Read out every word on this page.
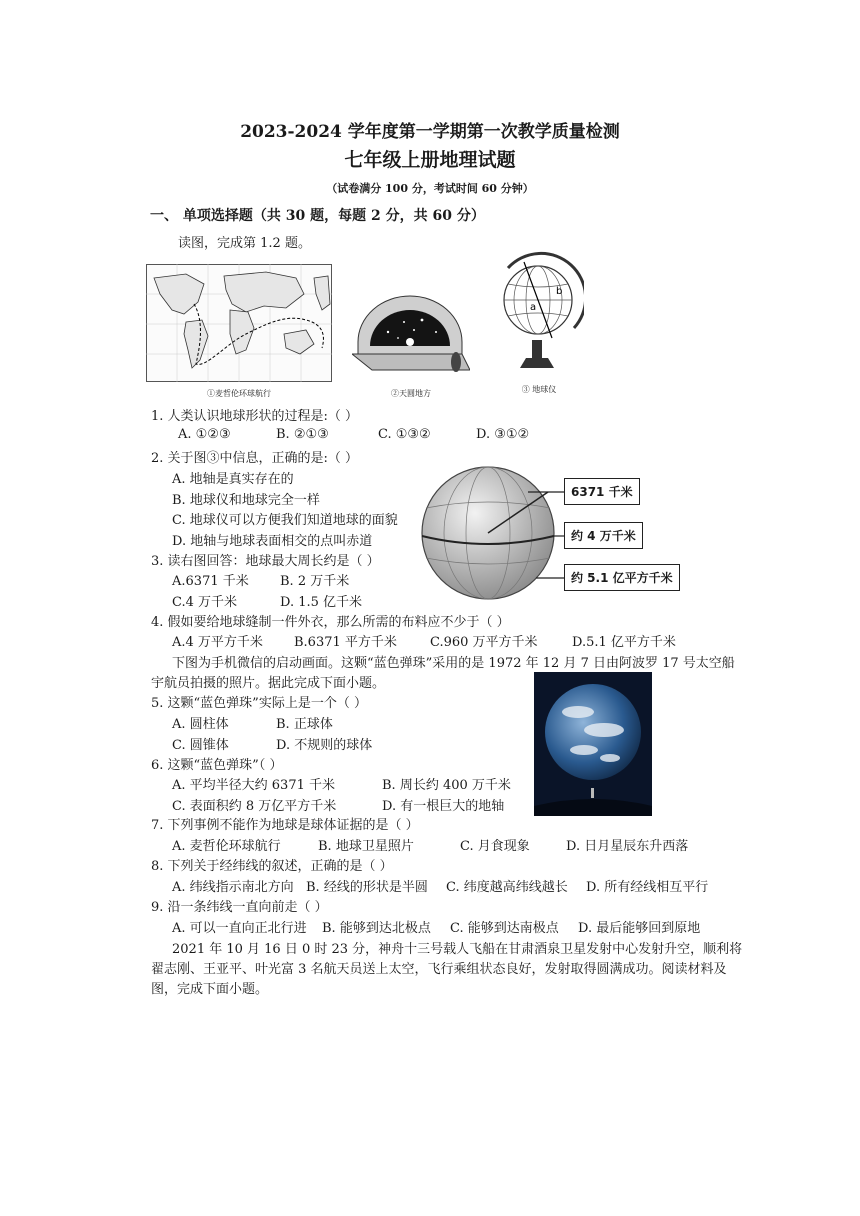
2023-2024 学年度第一学期第一次教学质量检测
七年级上册地理试题
（试卷满分 100 分，考试时间 60 分钟）
一、 单项选择题（共 30 题，每题 2 分，共 60 分）
读图，完成第 1.2 题。
①麦哲伦环球航行	②天圆地方
a
b
③ 地球仪
6371 千米
约 4 万千米
约 5.1 亿平方千米
1. 人类认识地球形状的过程是:（ ）
A. ①②③	B. ②①③	C. ①③②	D. ③①②
2. 关于图③中信息，正确的是:（ ）
A. 地轴是真实存在的
B. 地球仪和地球完全一样
C. 地球仪可以方便我们知道地球的面貌
D. 地轴与地球表面相交的点叫赤道
3. 读右图回答：地球最大周长约是（ ）
A.6371 千米 B. 2 万千米
C.4 万千米	D. 1.5 亿千米
4. 假如要给地球缝制一件外衣，那么所需的布料应不少于（ ）
A.4 万平方千米 B.6371 平方千米	C.960 万平方千米	D.5.1 亿平方千米
下图为手机微信的启动画面。这颗“蓝色弹珠”采用的是 1972 年 12 月 7 日由阿波罗 17 号太空船
宇航员拍摄的照片。据此完成下面小题。
5. 这颗“蓝色弹珠”实际上是一个（ ）
A. 圆柱体	B. 正球体
C. 圆锥体	D. 不规则的球体
6. 这颗“蓝色弹珠”（ ）
A. 平均半径大约 6371 千米	B. 周长约 400 万千米
C. 表面积约 8 万亿平方千米	D. 有一根巨大的地轴
7. 下列事例不能作为地球是球体证据的是（ ）
A. 麦哲伦环球航行	B. 地球卫星照片	C. 月食现象	D. 日月星辰东升西落
8. 下列关于经纬线的叙述，正确的是（ ）
A. 纬线指示南北方向 B. 经线的形状是半圆 C. 纬度越高纬线越长 D. 所有经线相互平行
9. 沿一条纬线一直向前走（ ）
A. 可以一直向正北行进 B. 能够到达北极点 C. 能够到达南极点 D. 最后能够回到原地
2021 年 10 月 16 日 0 时 23 分，神舟十三号载人飞船在甘肃酒泉卫星发射中心发射升空，顺利将
翟志刚、王亚平、叶光富 3 名航天员送上太空，飞行乘组状态良好，发射取得圆满成功。阅读材料及
图，完成下面小题。
